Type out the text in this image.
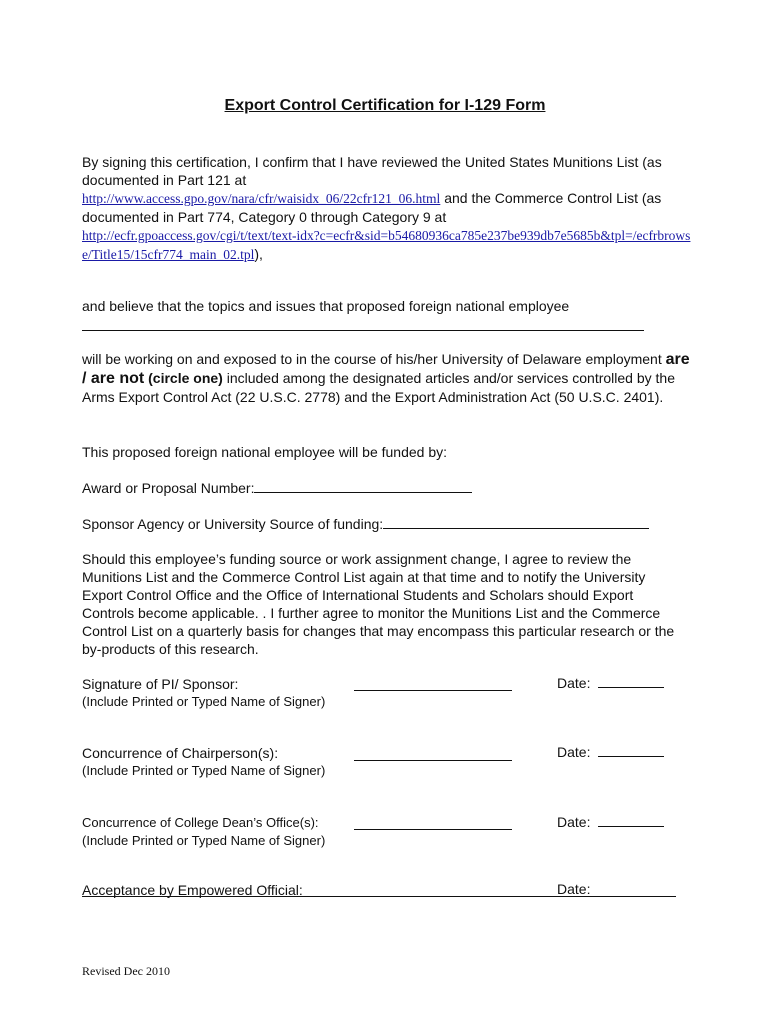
Export Control Certification for I-129 Form
By signing this certification, I confirm that I have reviewed the United States Munitions List (as documented in Part 121 at
http://www.access.gpo.gov/nara/cfr/waisidx_06/22cfr121_06.html and the Commerce Control List (as documented in Part 774, Category 0 through Category 9 at
http://ecfr.gpoaccess.gov/cgi/t/text/text-idx?c=ecfr&sid=b54680936ca785e237be939db7e5685b&tpl=/ecfrbrowse/Title15/15cfr774_main_02.tpl),
and believe that the topics and issues that proposed foreign national employee
will be working on and exposed to in the course of his/her University of Delaware employment are / are not (circle one) included among the designated articles and/or services controlled by the Arms Export Control Act (22 U.S.C. 2778) and the Export Administration Act (50 U.S.C. 2401).
This proposed foreign national employee will be funded by:
Award or Proposal Number:
Sponsor Agency or University Source of funding:
Should this employee’s funding source or work assignment change, I agree to review the Munitions List and the Commerce Control List again at that time and to notify the University Export Control Office and the Office of International Students and Scholars should Export Controls become applicable. . I further agree to monitor the Munitions List and the Commerce Control List on a quarterly basis for changes that may encompass this particular research or the by-products of this research.
Signature of PI/ Sponsor:
(Include Printed or Typed Name of Signer)
Date:
Concurrence of Chairperson(s):
(Include Printed or Typed Name of Signer)
Date:
Concurrence of College Dean’s Office(s):
(Include Printed or Typed Name of Signer)
Date:
Acceptance by Empowered Official:	Date:
Revised Dec 2010
